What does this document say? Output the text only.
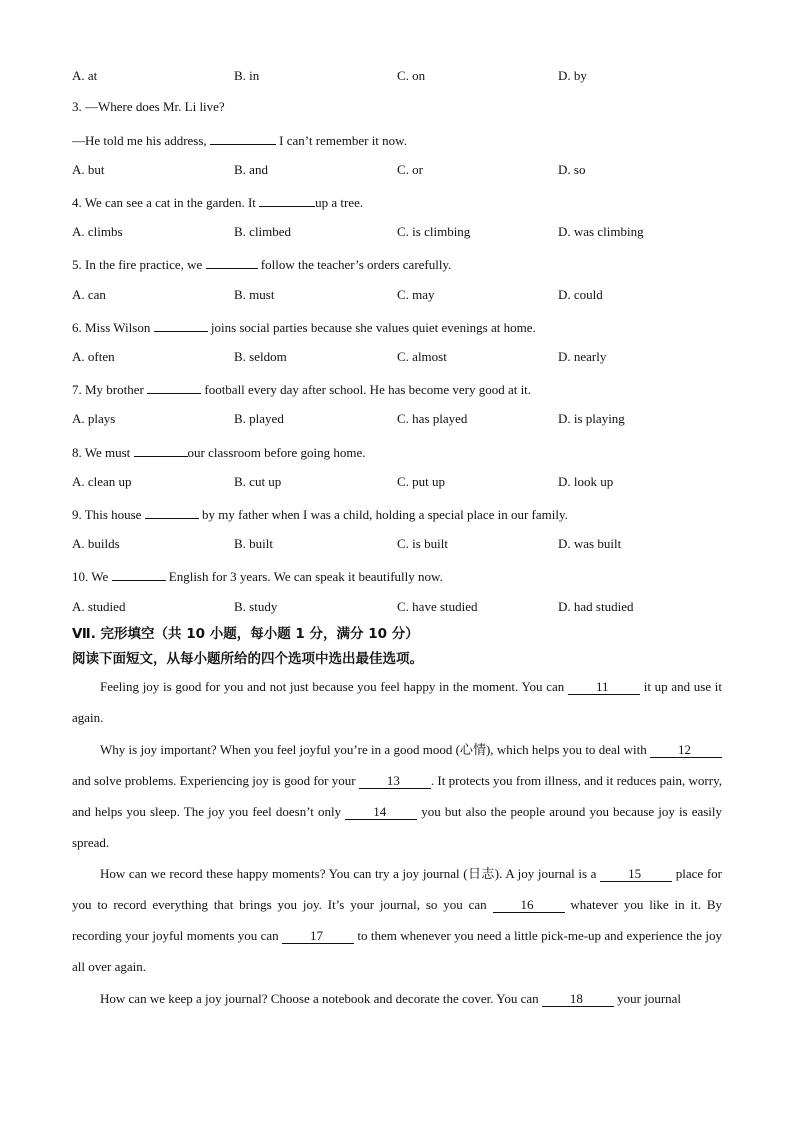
A. at	B. in	C. on	D. by
3. —Where does Mr. Li live?
—He told me his address,	I can’t remember it now.
A. but	B. and	C. or	D. so
4. We can see a cat in the garden. It	up a tree.
A. climbs	B. climbed	C. is climbing	D. was climbing
5. In the fire practice, we	follow the teacher’s orders carefully.
A. can	B. must	C. may	D. could
6. Miss Wilson	joins social parties because she values quiet evenings at home.
A. often	B. seldom	C. almost	D. nearly
7. My brother	football every day after school. He has become very good at it.
A. plays	B. played	C. has played	D. is playing
8. We must	our classroom before going home.
A. clean up	B. cut up	C. put up	D. look up
9. This house	by my father when I was a child, holding a special place in our family.
A. builds	B. built	C. is built	D. was built
10. We	English for 3 years. We can speak it beautifully now.
A. studied	B. study	C. have studied	D. had studied
Ⅶ. 完形填空（共 10 小题，每小题 1 分，满分 10 分）
阅读下面短文，从每小题所给的四个选项中选出最佳选项。
Feeling joy is good for you and not just because you feel happy in the moment. You can 11	it up and use it again.
Why is joy important? When you feel joyful you’re in a good mood (心情), which helps you to deal with 12 and solve problems. Experiencing joy is good for your 13 . It protects you from illness, and it reduces pain, worry, and helps you sleep. The joy you feel doesn’t only 14	you but also the people around you because joy is easily spread.
How can we record these happy moments? You can try a joy journal (日志). A joy journal is a 15	place for you to record everything that brings you joy. It’s your journal, so you can	16	whatever you like in it. By recording your joyful moments you can 17	to them whenever you need a little pick-me-up and experience the joy all over again.
How can we keep a joy journal? Choose a notebook and decorate the cover. You can 18	your journal
